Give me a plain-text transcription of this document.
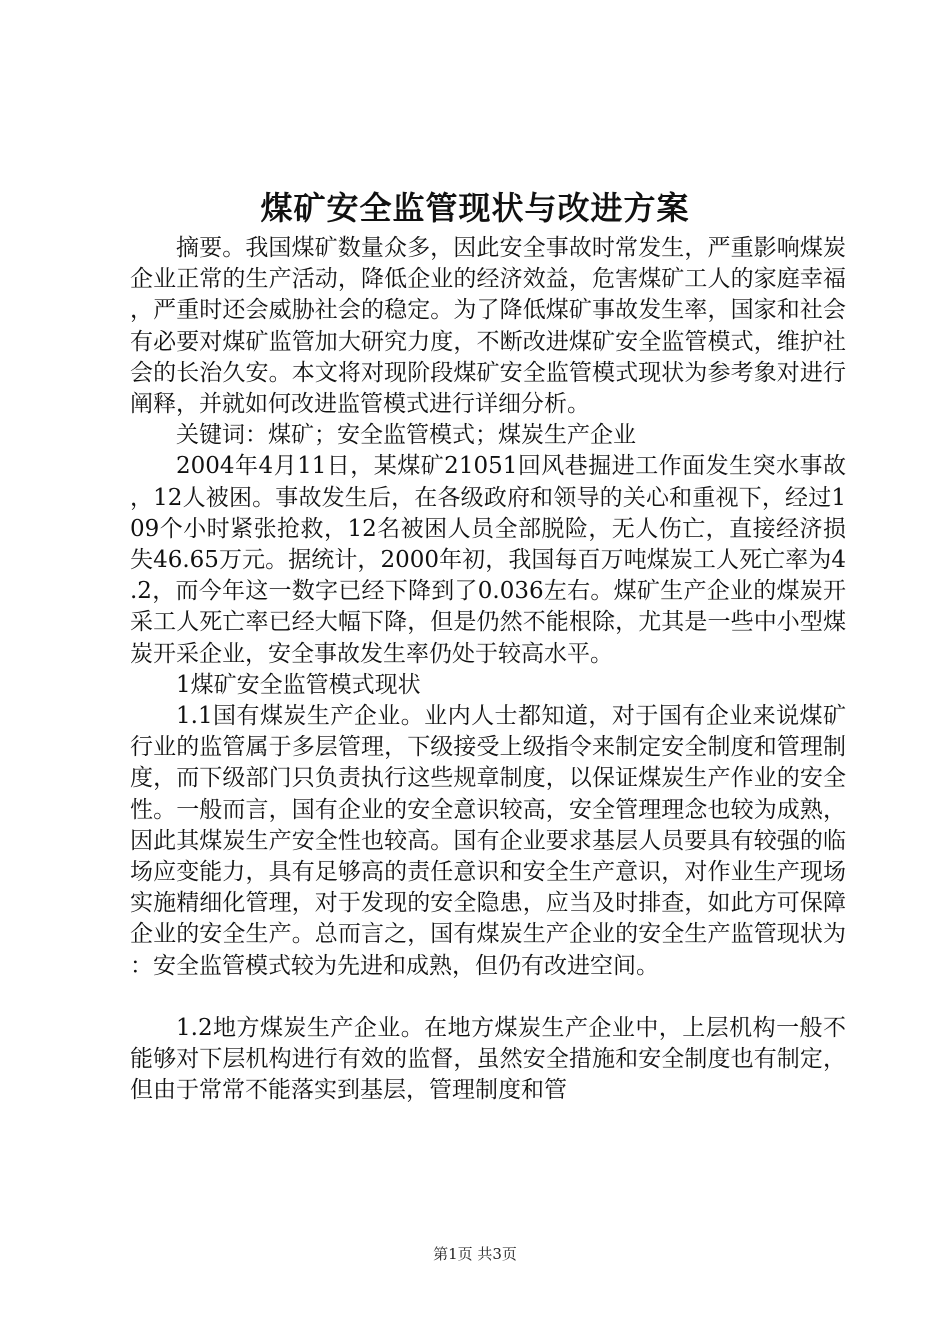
煤矿安全监管现状与改进方案

摘要。我国煤矿数量众多，因此安全事故时常发生，严重影响煤炭企业正常的生产活动，降低企业的经济效益，危害煤矿工人的家庭幸福，严重时还会威胁社会的稳定。为了降低煤矿事故发生率，国家和社会有必要对煤矿监管加大研究力度，不断改进煤矿安全监管模式，维护社会的长治久安。本文将对现阶段煤矿安全监管模式现状为参考象对进行阐释，并就如何改进监管模式进行详细分析。

关键词：煤矿；安全监管模式；煤炭生产企业

2004年4月11日，某煤矿21051回风巷掘进工作面发生突水事故，12人被困。事故发生后，在各级政府和领导的关心和重视下，经过109个小时紧张抢救，12名被困人员全部脱险，无人伤亡，直接经济损失46.65万元。据统计，2000年初，我国每百万吨煤炭工人死亡率为4.2，而今年这一数字已经下降到了0.036左右。煤矿生产企业的煤炭开采工人死亡率已经大幅下降，但是仍然不能根除，尤其是一些中小型煤炭开采企业，安全事故发生率仍处于较高水平。

1煤矿安全监管模式现状

1.1国有煤炭生产企业。业内人士都知道，对于国有企业来说煤矿行业的监管属于多层管理，下级接受上级指令来制定安全制度和管理制度，而下级部门只负责执行这些规章制度，以保证煤炭生产作业的安全性。一般而言，国有企业的安全意识较高，安全管理理念也较为成熟，因此其煤炭生产安全性也较高。国有企业要求基层人员要具有较强的临场应变能力，具有足够高的责任意识和安全生产意识，对作业生产现场实施精细化管理，对于发现的安全隐患，应当及时排查，如此方可保障企业的安全生产。总而言之，国有煤炭生产企业的安全生产监管现状为：安全监管模式较为先进和成熟，但仍有改进空间。

1.2地方煤炭生产企业。在地方煤炭生产企业中，上层机构一般不能够对下层机构进行有效的监督，虽然安全措施和安全制度也有制定，但由于常常不能落实到基层，管理制度和管

第1页 共3页
